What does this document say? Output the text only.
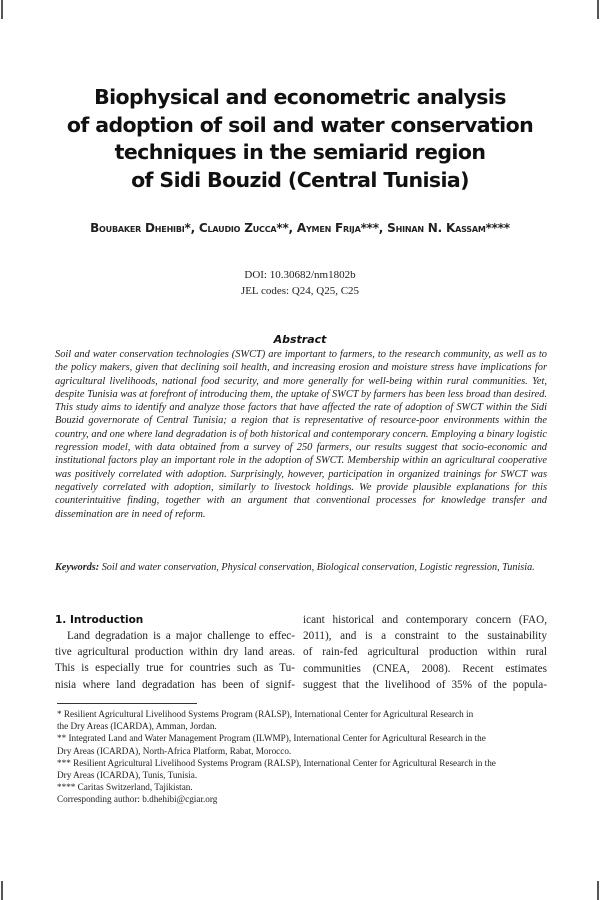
Biophysical and econometric analysis
of adoption of soil and water conservation
techniques in the semiarid region
of Sidi Bouzid (Central Tunisia)
Boubaker Dhehibi*, Claudio Zucca**, Aymen Frija***, Shinan N. Kassam****
DOI: 10.30682/nm1802b
JEL codes: Q24, Q25, C25
Abstract

Soil and water conservation technologies (SWCT) are important to farmers, to the research community, as well as to the policy makers, given that declining soil health, and increasing erosion and moisture stress have implications for agricultural livelihoods, national food security, and more generally for well-being within rural communities. Yet, despite Tunisia was at forefront of introducing them, the uptake of SWCT by farmers has been less broad than desired. This study aims to identify and analyze those factors that have affected the rate of adoption of SWCT within the Sidi Bouzid governorate of Central Tunisia; a region that is representative of resource-poor environments within the country, and one where land degradation is of both historical and contemporary concern. Employing a binary logistic regression model, with data obtained from a survey of 250 farmers, our results suggest that socio-economic and institutional factors play an important role in the adoption of SWCT. Membership within an agricultural cooperative was positively correlated with adoption. Surprisingly, however, participation in organized trainings for SWCT was negatively correlated with adoption, similarly to livestock holdings. We provide plausible explanations for this counterintuitive finding, together with an argument that conventional processes for knowledge transfer and dissemination are in need of reform.

Keywords: Soil and water conservation, Physical conservation, Biological conservation, Logistic regression, Tunisia.
1. Introduction
Land degradation is a major challenge to effec-
tive agricultural production within dry land areas.
This is especially true for countries such as Tu-
nisia where land degradation has been of signif-
icant historical and contemporary concern (FAO,
2011), and is a constraint to the sustainability
of rain-fed agricultural production within rural
communities (CNEA, 2008). Recent estimates
suggest that the livelihood of 35% of the popula-
* Resilient Agricultural Livelihood Systems Program (RALSP), International Center for Agricultural Research in
the Dry Areas (ICARDA), Amman, Jordan.
** Integrated Land and Water Management Program (ILWMP), International Center for Agricultural Research in the
Dry Areas (ICARDA), North-Africa Platform, Rabat, Morocco.
*** Resilient Agricultural Livelihood Systems Program (RALSP), International Center for Agricultural Research in the
Dry Areas (ICARDA), Tunis, Tunisia.
**** Caritas Switzerland, Tajikistan.
Corresponding author: b.dhehibi@cgiar.org
